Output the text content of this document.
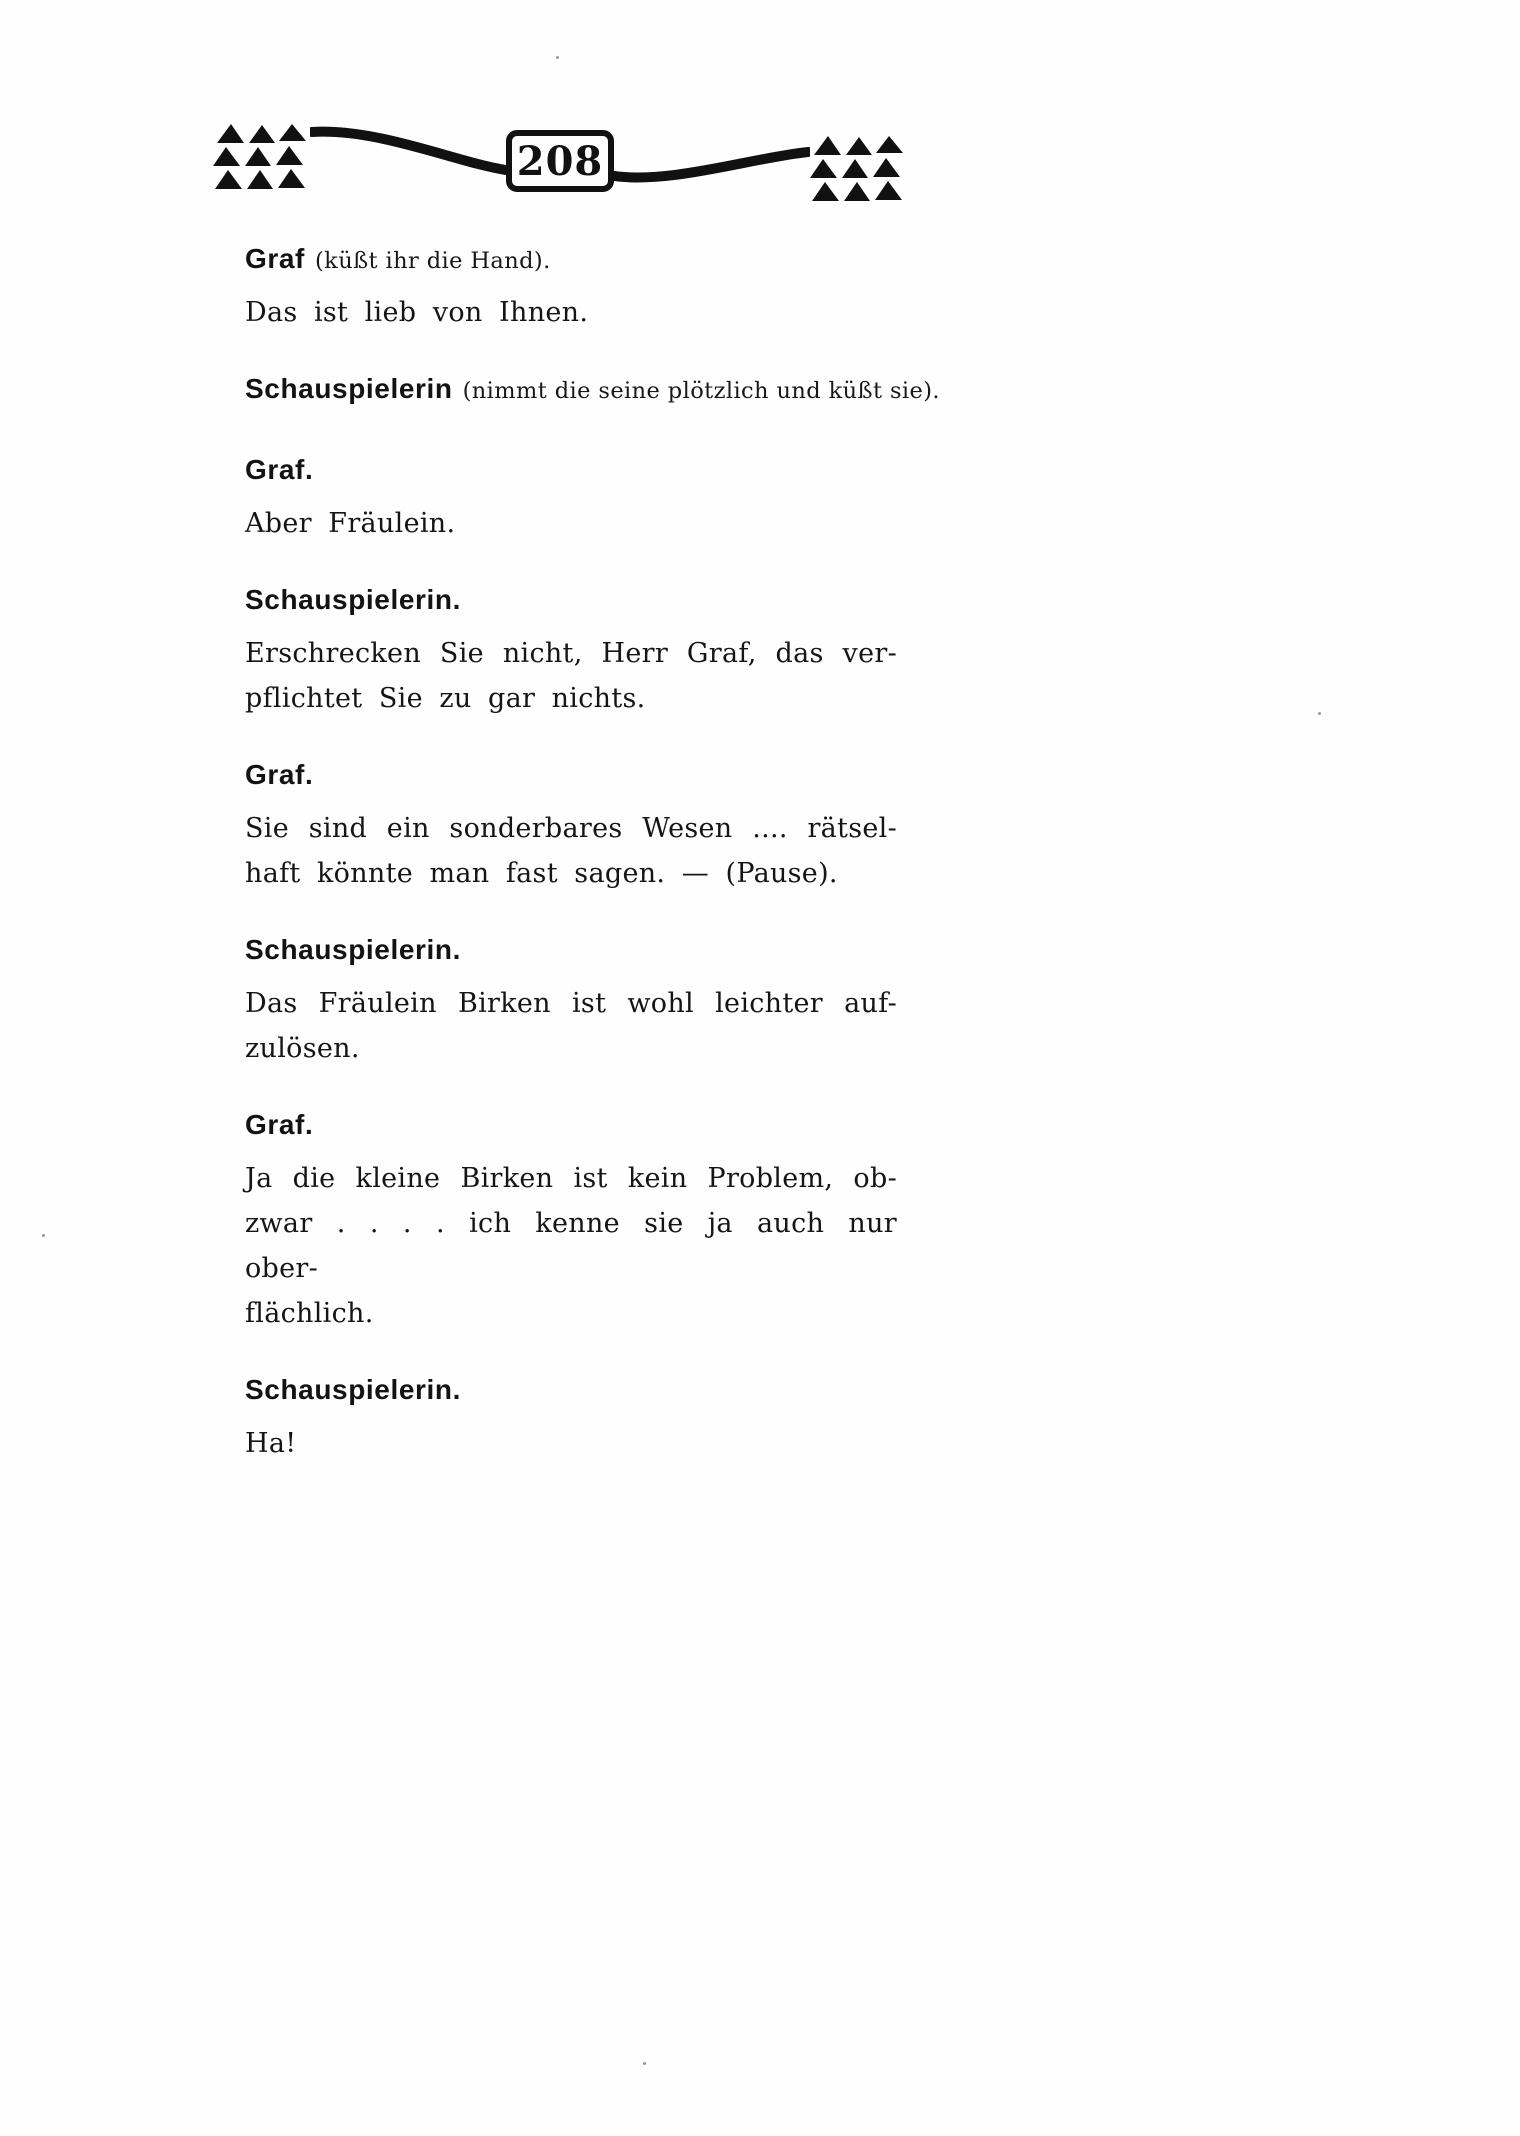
208

Graf (küßt ihr die Hand).

Das ist lieb von Ihnen.

Schauspielerin (nimmt die seine plötzlich und küßt sie).

Graf.

Aber Fräulein.

Schauspielerin.

Erschrecken Sie nicht, Herr Graf, das ver-
pflichtet Sie zu gar nichts.

Graf.

Sie sind ein sonderbares Wesen .... rätsel-
haft könnte man fast sagen. — (Pause).

Schauspielerin.

Das Fräulein Birken ist wohl leichter auf-
zulösen.

Graf.

Ja die kleine Birken ist kein Problem, ob-
zwar . . . . ich kenne sie ja auch nur ober-
flächlich.

Schauspielerin.

Ha!
